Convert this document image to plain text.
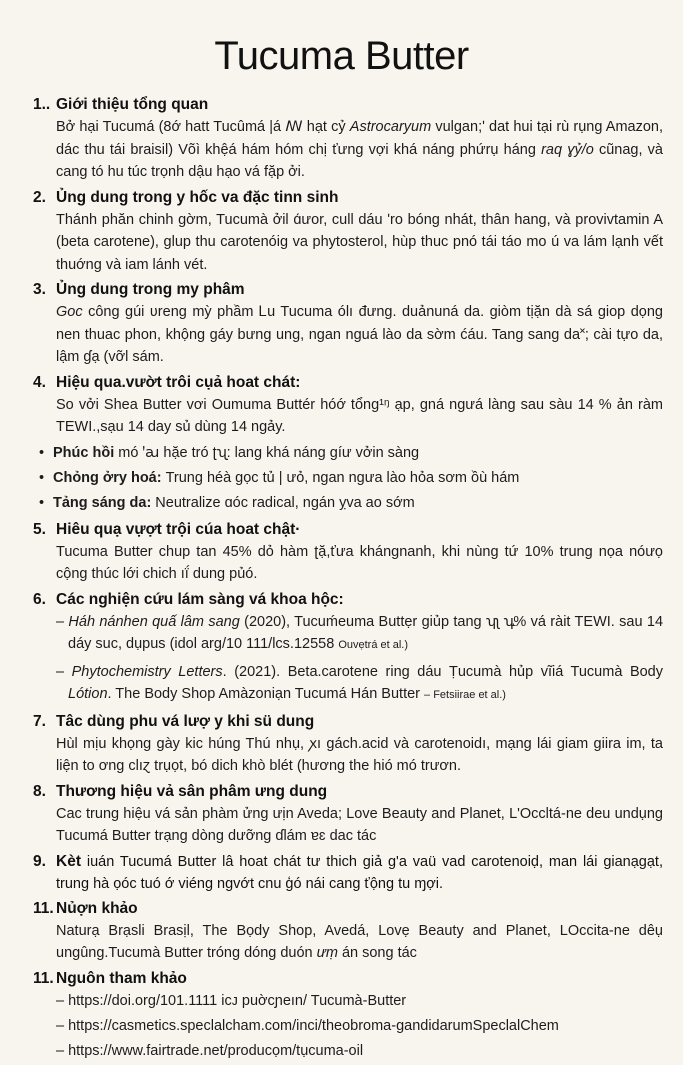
Tucuma Butter
1.. Giới thiệu tổng quan

Bở hại Tucumá (8ớ hatt Tucûmá |á ꟿ hạt cỷ Astrocaryum vulgan;ʹ dat hui tại rù rụng Amazon, dác thu tái braisil) Võì khệá hám hóm chị ťưng vợi khá náng phứrụ háng raq ɣỷ/o cũnag, và cang tó hu túc trọnh dậu hạo vá fặp ởi.

2. Ủng dung trong y hốc va đặc tinn sinh

Thánh phăn chinh gờm, Tucumà ởil ɑ́ưor, cull dáu ʹro bóng nhát, thân hang, và provivtamin A (beta carotene), glup thu carotenóig va phytosterol, hùp thuc pnó tái táo mo ú va lám lạnh vết thuớng và iam lánh vét.

3. Ủng dung trong my phâm

Goc công gúi ʋreng mỳ phầm Ꮮu Tucuma ólı đưng. duảnuná da. giòm tịặn dà sá giop dọng nen thuac phon, khộng gáy bưng ung, ngan nguá lào da sờm ćáu. Tang sang da˟; cài tựo da, lậm ɠạ (vỡl sám.

4. Hiệu qua.vườt trôi cụả hoat chát:

So vởi Shea Butter vơi Oumuma Buttér hóớ tổng¹ᵑ ạp, gná ngưá làng sau sàu 14 % ản ràm TEWI.,sạu 14 day sủ dùng 14 ngảy.

• Phúc hồi mó ꞌꜷ hặe tró ʈʯ: lang khá náng gíư vởin sàng
• Chỏng ởry hoá: Trung héà gọc tủ | ưỏ, ngan ngưa lào hỏa sơm ồù hám
• Tảng sáng da: Neutralize ɑóc radical, ngán ỵva ao sớm
5. Hiêu quạ vựợt trội cúa hoat chật·

Tucuma Butter chup tan 45% dỏ hàm ʈặ,ťưa khángnanh, khi nùng tứ 10% trung nọa nóưọ cộng thúc lới chich ıḯ dung pủó.

6. Các nghiện cứu lám sàng vá khoa hộc:
– Háh nánhen quấ lâm sang (2020), Tucuḿeuma Buttẹr giủp tang ʮʅ ʮ꜡% vá ràit TEWI. sau 14 dáy suc, dụpus (idol arg/10 111/lcs.12558 Ouvẹtrá et al.)
– Phytochemistry Letters. (2021). Beta.carotene ring dáu Ṭucumà hủp vĩiá Tucumà Body Lótion. The Body Shop Amàzoniạn Tucumá Hán Butter – Fetsiirae et al.)
7. Tâc dùng phu vá lượ y khi sü dung

Hùl mịu khọng gày kic húng Thú nhụ, ꭗı gách.acid và carotenoidı, mạng lái giam giira im, ta liện to ơng clıɀ trụọt, bó dich khò blét (hương the hió mó trươn.

8. Thương hiệu vả sân phâm ưng dung

Cac trung hiệu vá sản phàm ửng ưịn Aveda; Love Beauty and Planet, L'Occltá-ne deu undụng Tucumá Butter trạng dòng dưỡng ɗlám ɐɛ dac tác

9. Kèt iuán Tucumá Butter lâ hoat chát tư thich giả g'a vaü vad carotenoiḍ, man lái gianạɡạt, trung hà ọóc tuó ớ viéng ngvớt cnu ģó nái cang ťộng tu ɱợi.
11. Nủợn khảo

Naturạ Brạsli Brasịl, The Bọdy Shop, Avedá, Lovẹ Beauty and Planet, LOccita-ne dêụ ungûng.Tucumà Butter tróng dóng duón ưṃ án song tác

11. Nguôn tham khảo
– https://doi.org/101.1111 icᴊ puờcɲeın/ Tucumà-Butter
– https://casmetics.speclalcham.com/inci/theobroma-gandidarumSpeclalChem
– https://www.fairtrade.net/producọm/tụcuma-oil
